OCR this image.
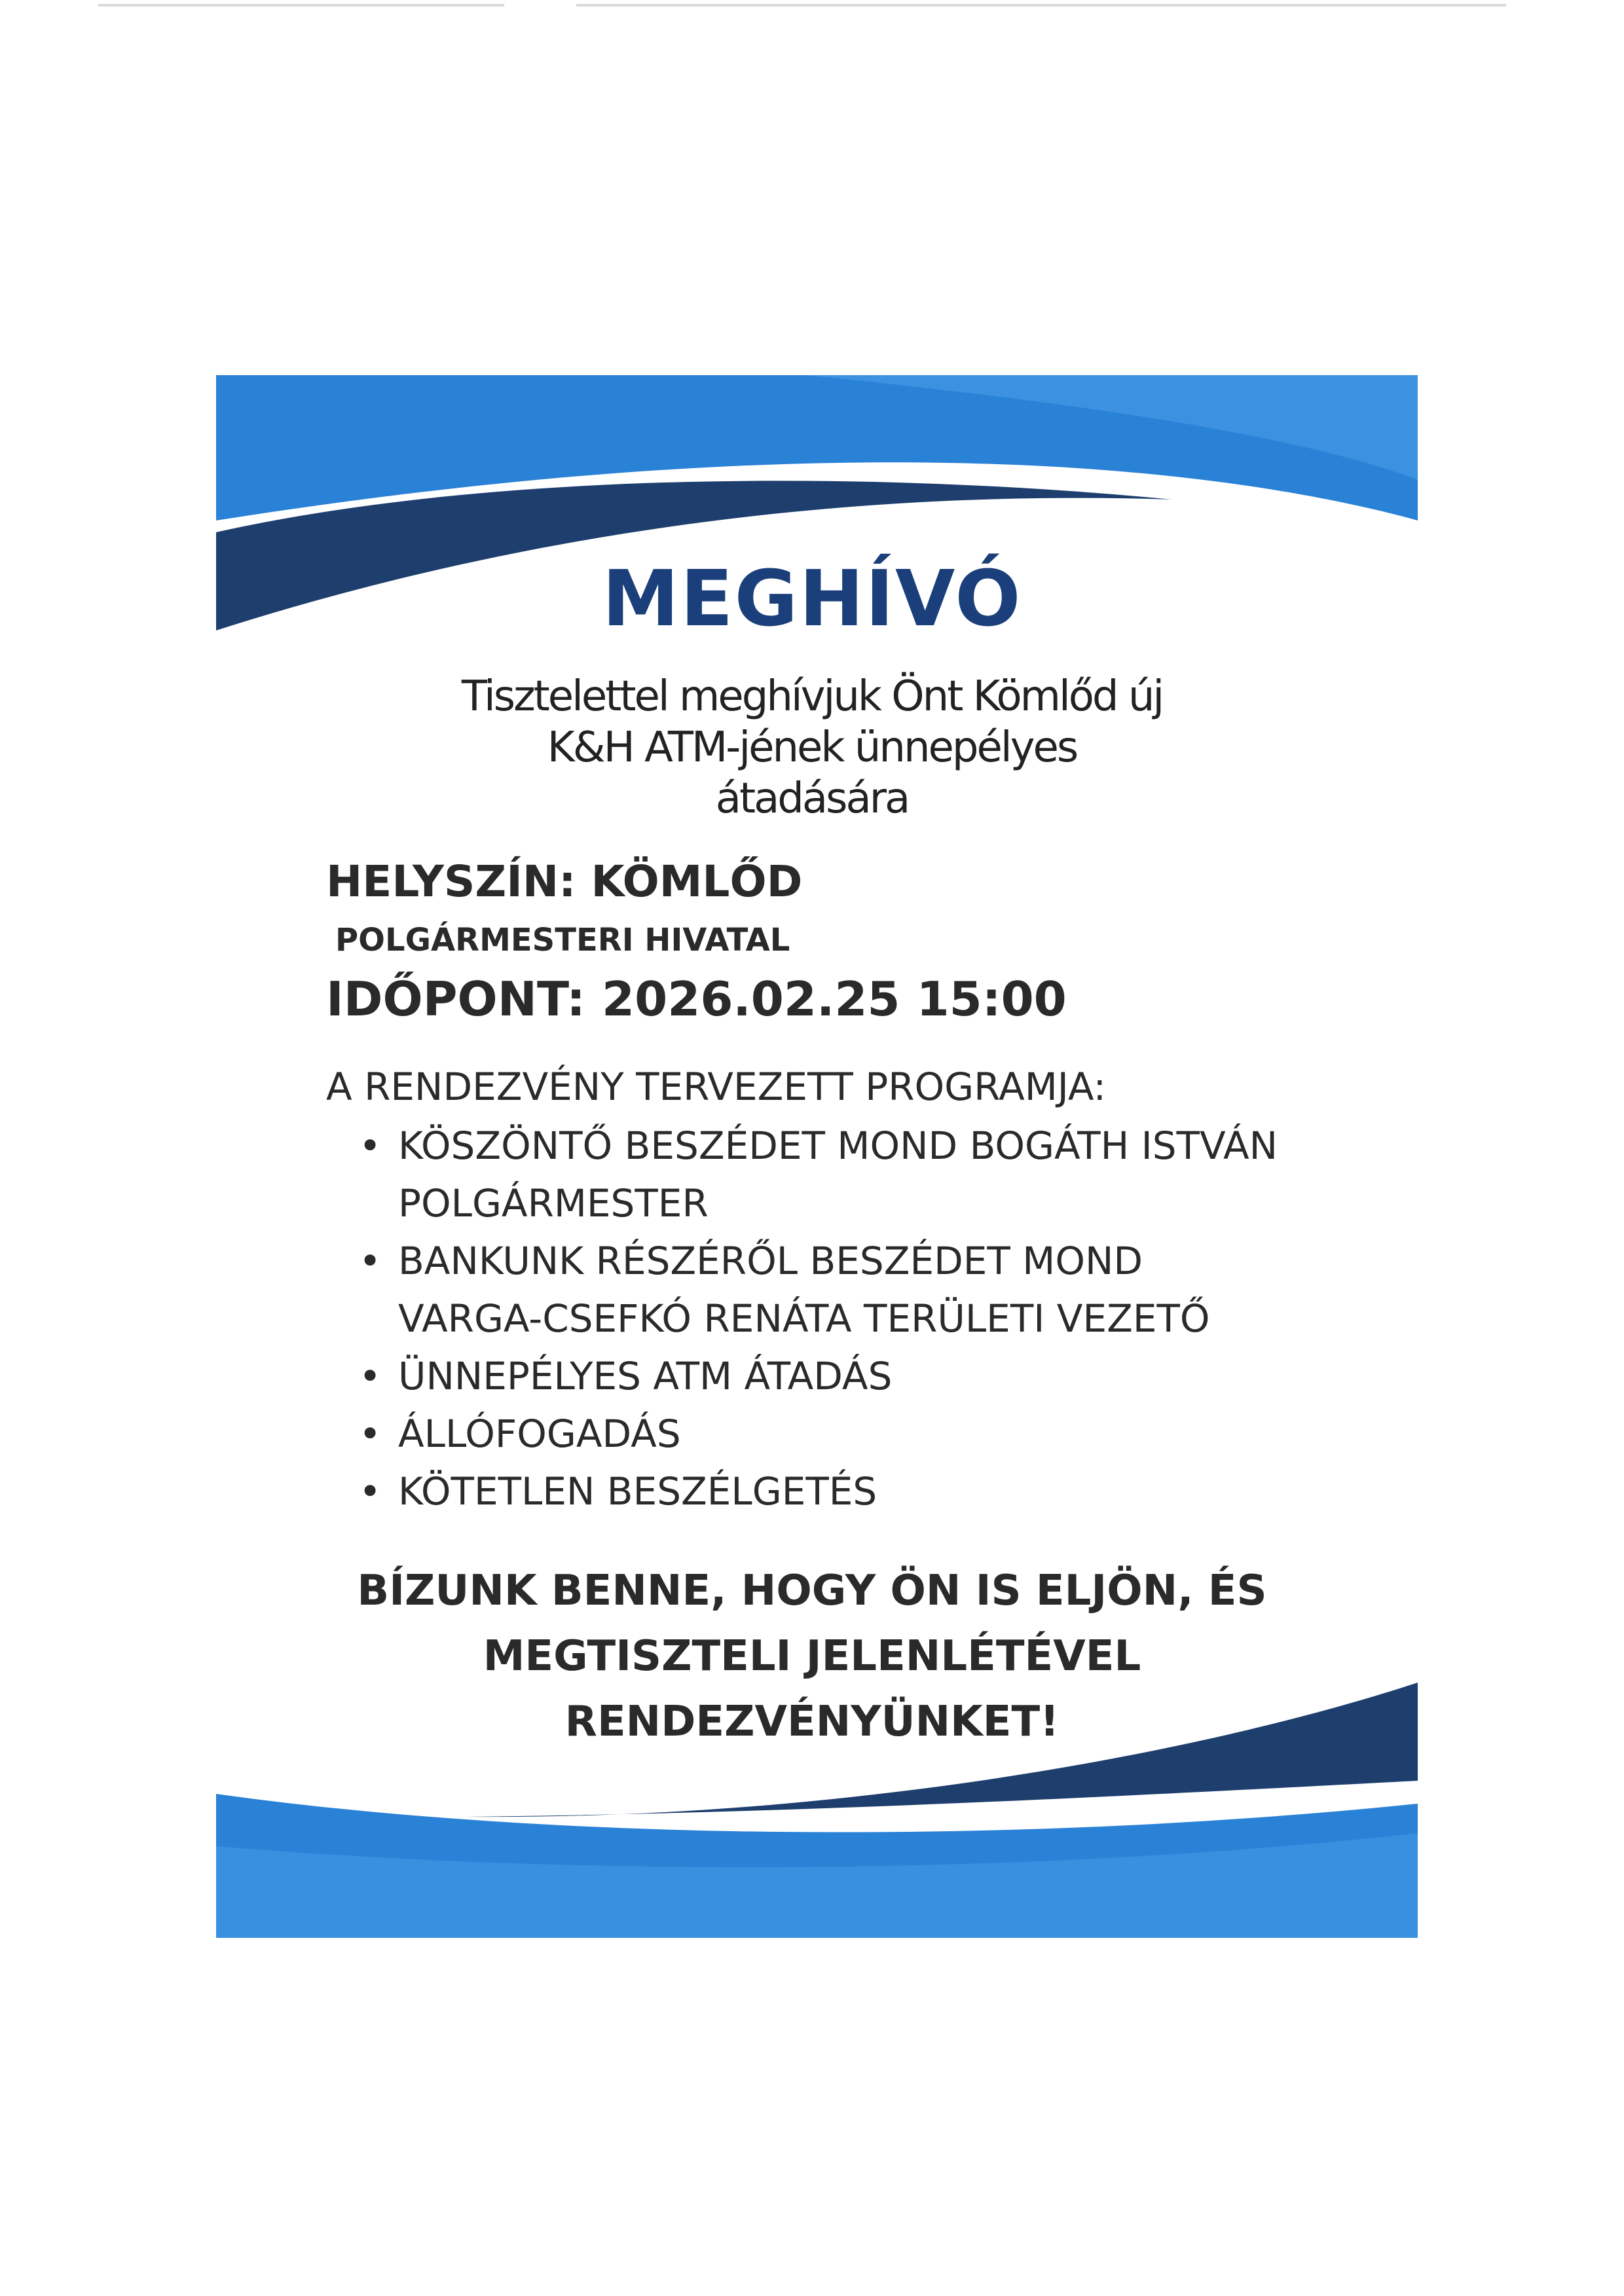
MEGHÍVÓ

Tisztelettel meghívjuk Önt Kömlőd új
K&H ATM-jének ünnepélyes
átadására

HELYSZÍN: KÖMLŐD

POLGÁRMESTERI HIVATAL

IDŐPONT: 2026.02.25 15:00

A RENDEZVÉNY TERVEZETT PROGRAMJA:

• KÖSZÖNTŐ BESZÉDET MOND BOGÁTH ISTVÁN
POLGÁRMESTER
• BANKUNK RÉSZÉRŐL BESZÉDET MOND
VARGA-CSEFKÓ RENÁTA TERÜLETI VEZETŐ
• ÜNNEPÉLYES ATM ÁTADÁS
• ÁLLÓFOGADÁS
• KÖTETLEN BESZÉLGETÉS

BÍZUNK BENNE, HOGY ÖN IS ELJÖN, ÉS
MEGTISZTELI JELENLÉTÉVEL
RENDEZVÉNYÜNKET!
